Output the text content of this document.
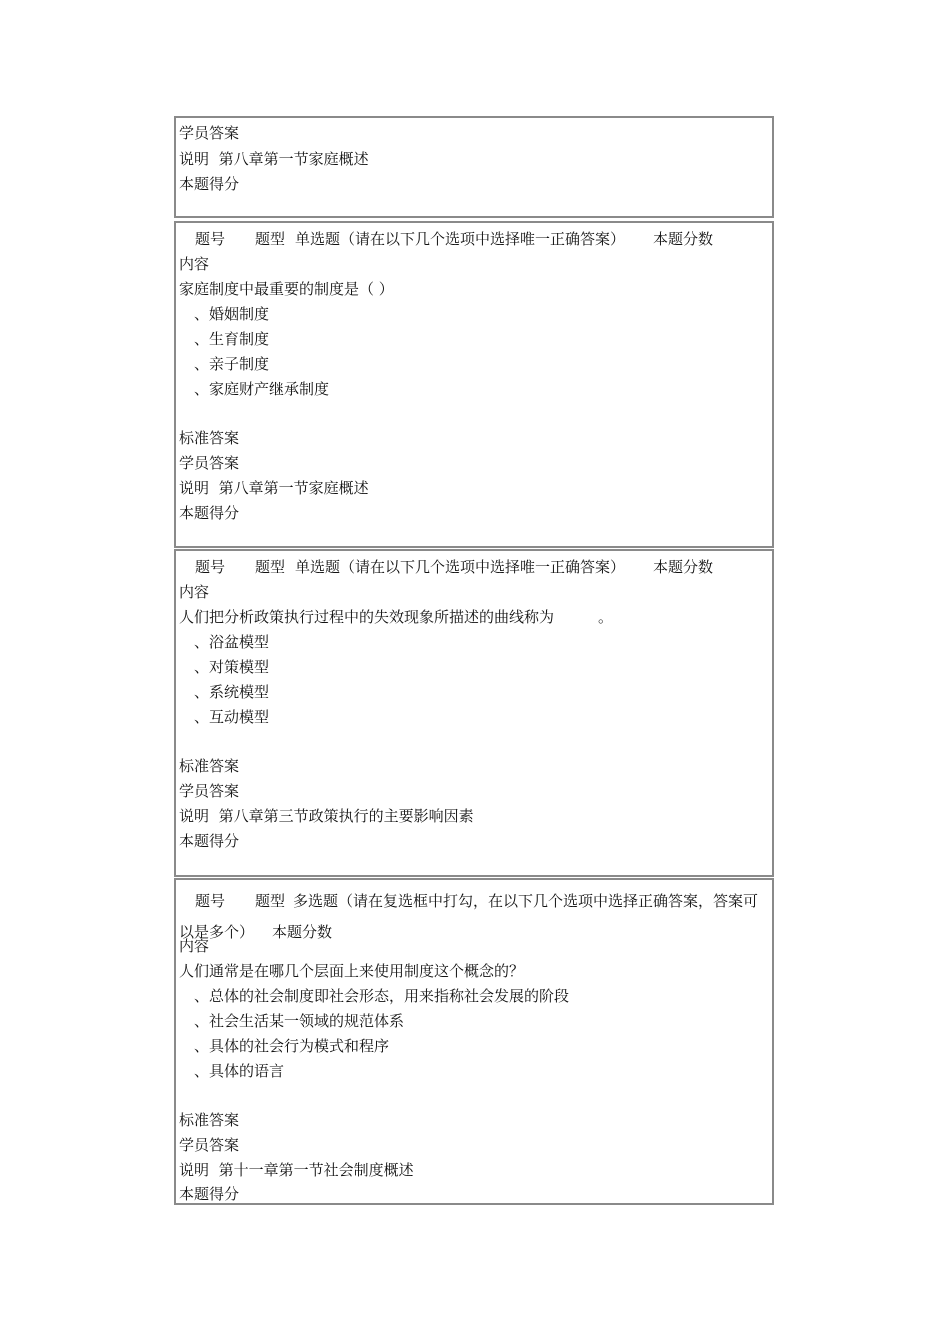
学员答案
说明 第八章第一节家庭概述
本题得分
题号 题型 单选题（请在以下几个选项中选择唯一正确答案） 本题分数
内容
家庭制度中最重要的制度是（ ）
、婚姻制度
、生育制度
、亲子制度
、家庭财产继承制度
标准答案
学员答案
说明 第八章第一节家庭概述
本题得分
题号 题型 单选题（请在以下几个选项中选择唯一正确答案） 本题分数
内容
人们把分析政策执行过程中的失效现象所描述的曲线称为	。
、浴盆模型
、对策模型
、系统模型
、互动模型
标准答案
学员答案
说明 第八章第三节政策执行的主要影响因素
本题得分
题号 题型 多选题（请在复选框中打勾，在以下几个选项中选择正确答案，答案可以是多个） 本题分数
内容
人们通常是在哪几个层面上来使用制度这个概念的？
、总体的社会制度即社会形态，用来指称社会发展的阶段
、社会生活某一领域的规范体系
、具体的社会行为模式和程序
、具体的语言
标准答案
学员答案
说明 第十一章第一节社会制度概述
本题得分
